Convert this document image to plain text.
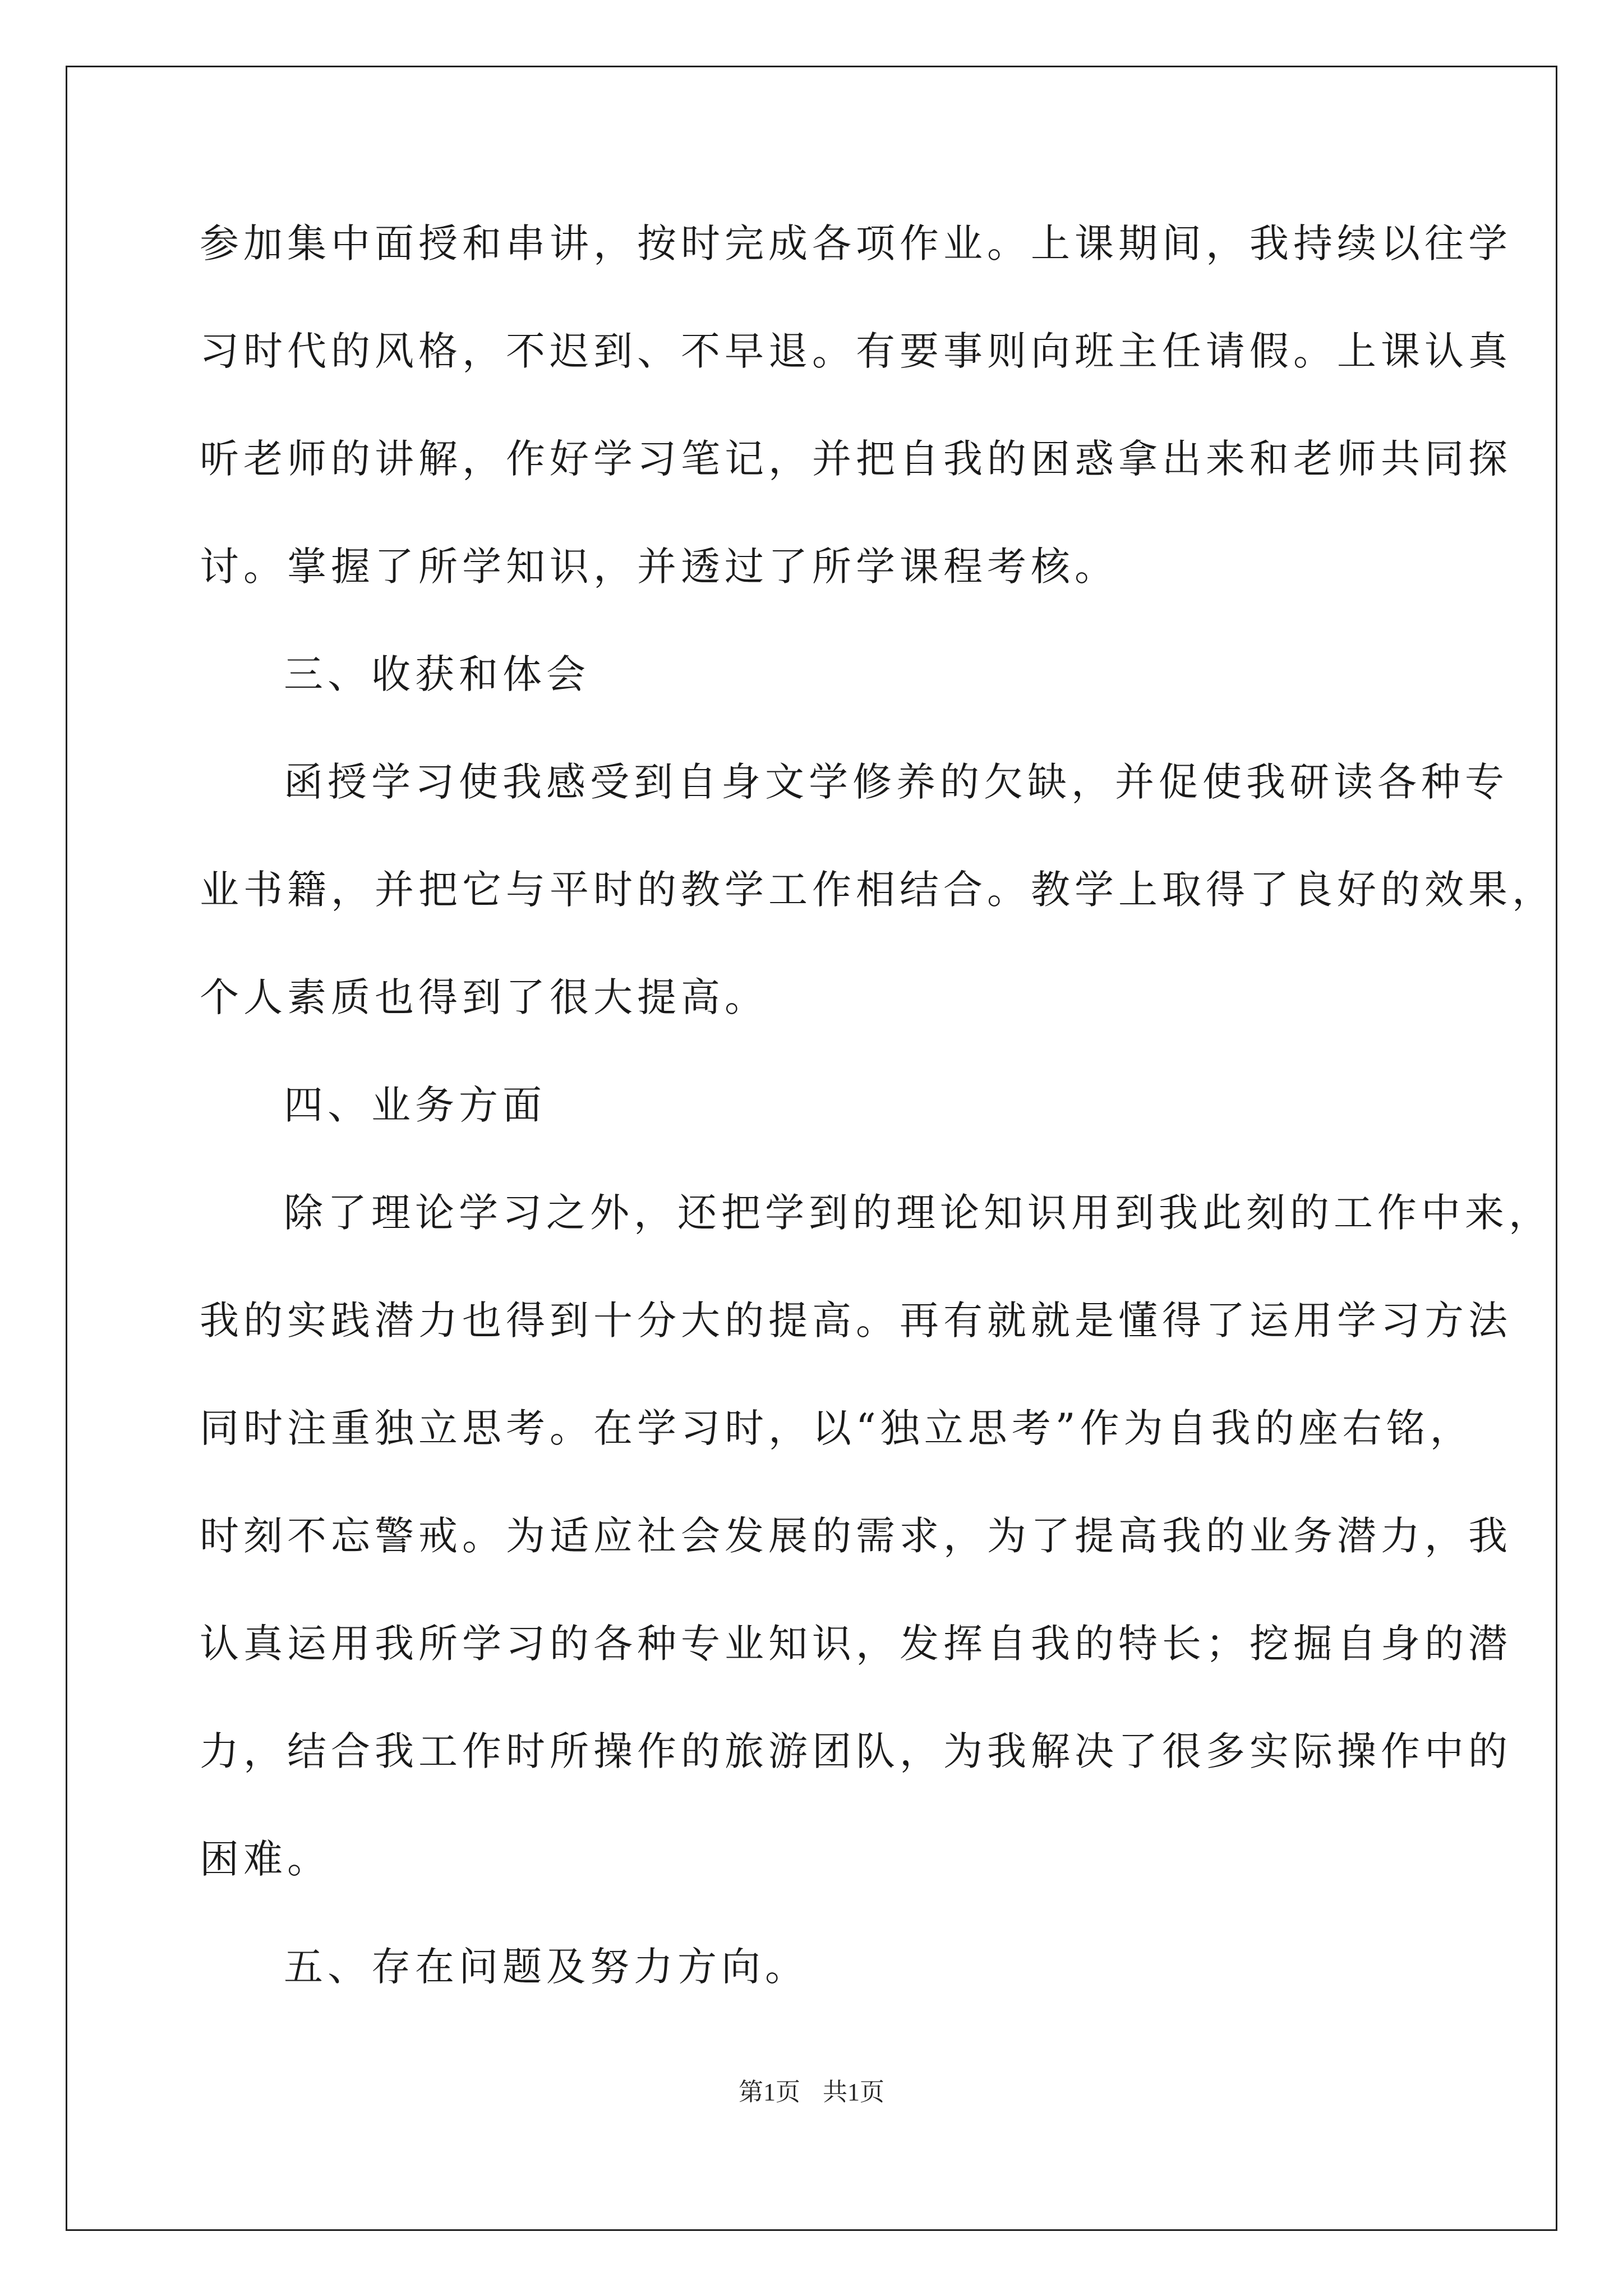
参加集中面授和串讲，按时完成各项作业。上课期间，我持续以往学
习时代的风格，不迟到、不早退。有要事则向班主任请假。上课认真
听老师的讲解，作好学习笔记，并把自我的困惑拿出来和老师共同探
讨。掌握了所学知识，并透过了所学课程考核。
三、收获和体会
函授学习使我感受到自身文学修养的欠缺，并促使我研读各种专
业书籍，并把它与平时的教学工作相结合。教学上取得了良好的效果，
个人素质也得到了很大提高。
四、业务方面
除了理论学习之外，还把学到的理论知识用到我此刻的工作中来，
我的实践潜力也得到十分大的提高。再有就就是懂得了运用学习方法
同时注重独立思考。在学习时，以“独立思考”作为自我的座右铭，
时刻不忘警戒。为适应社会发展的需求，为了提高我的业务潜力，我
认真运用我所学习的各种专业知识，发挥自我的特长；挖掘自身的潜
力，结合我工作时所操作的旅游团队，为我解决了很多实际操作中的
困难。
五、存在问题及努力方向。
第1页 共1页
